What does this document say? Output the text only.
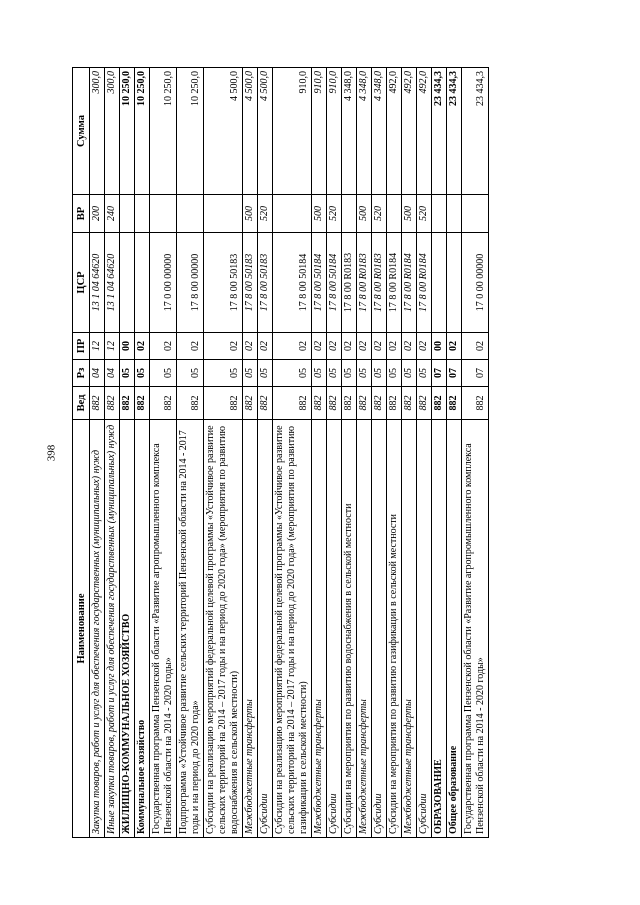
398
Наименование	Вед	Рз	ПР	ЦСР	ВР	Сумма
Закупка товаров, работ и услуг для обеспечения государственных (муниципальных) нужд	882	04	12	13 1 04 64620	200	300,0
Иные закупки товаров, работ и услуг для обеспечения государственных (муниципальных) нужд	882	04	12	13 1 04 64620	240	300,0
ЖИЛИЩНО-КОММУНАЛЬНОЕ ХОЗЯЙСТВО	882	05	00			10 250,0
Коммунальное хозяйство	882	05	02			10 250,0
Государственная программа Пензенской области «Развитие агропромышленного комплекса Пензенской области на 2014 - 2020 годы»	882	05	02	17 0 00 00000		10 250,0
Подпрограмма «Устойчивое развитие сельских территорий Пензенской области на 2014 - 2017 годы и на период до 2020 года»	882	05	02	17 8 00 00000		10 250,0
Субсидии на реализацию мероприятий федеральной целевой программы «Устойчивое развитие сельских территорий на 2014 – 2017 годы и на период до 2020 года» (мероприятия по развитию водоснабжения в сельской местности)	882	05	02	17 8 00 50183		4 500,0
Межбюджетные трансферты	882	05	02	17 8 00 50183	500	4 500,0
Субсидии	882	05	02	17 8 00 50183	520	4 500,0
Субсидии на реализацию мероприятий федеральной целевой программы «Устойчивое развитие сельских территорий на 2014 – 2017 годы и на период до 2020 года» (мероприятия по развитию газификации в сельской местности)	882	05	02	17 8 00 50184		910,0
Межбюджетные трансферты	882	05	02	17 8 00 50184	500	910,0
Субсидии	882	05	02	17 8 00 50184	520	910,0
Субсидии на мероприятия по развитию водоснабжения в сельской местности	882	05	02	17 8 00 R0183		4 348,0
Межбюджетные трансферты	882	05	02	17 8 00 R0183	500	4 348,0
Субсидии	882	05	02	17 8 00 R0183	520	4 348,0
Субсидии на мероприятия по развитию газификации в сельской местности	882	05	02	17 8 00 R0184		492,0
Межбюджетные трансферты	882	05	02	17 8 00 R0184	500	492,0
Субсидии	882	05	02	17 8 00 R0184	520	492,0
ОБРАЗОВАНИЕ	882	07	00			23 434,3
Общее образование	882	07	02			23 434,3
Государственная программа Пензенской области «Развитие агропромышленного комплекса Пензенской области на 2014 - 2020 годы»	882	07	02	17 0 00 00000		23 434,3
